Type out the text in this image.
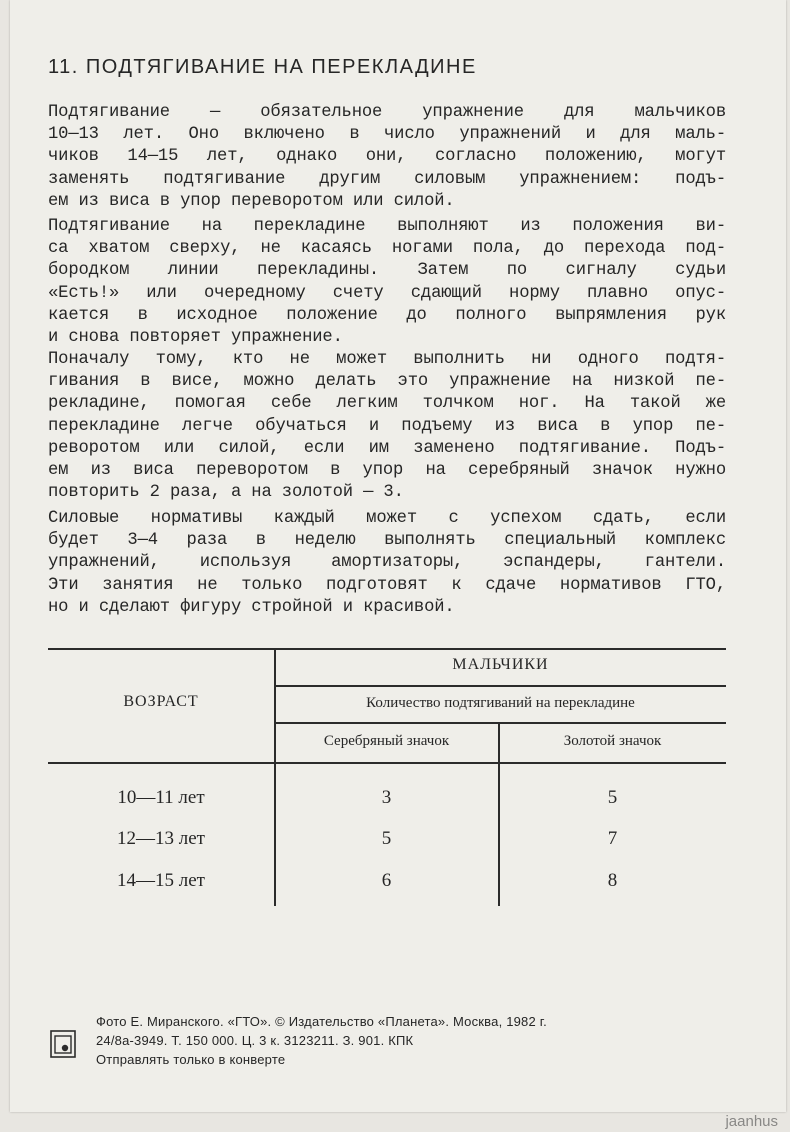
11. ПОДТЯГИВАНИЕ НА ПЕРЕКЛАДИНЕ
Подтягивание — обязательное упражнение для мальчиков
10—13 лет. Оно включено в число упражнений и для маль-
чиков 14—15 лет, однако они, согласно положению, могут
заменять подтягивание другим силовым упражнением: подъ-
ем из виса в упор переворотом или силой.
Подтягивание на перекладине выполняют из положения ви-
са хватом сверху, не касаясь ногами пола, до перехода под-
бородком линии перекладины. Затем по сигналу судьи
«Есть!» или очередному счету сдающий норму плавно опус-
кается в исходное положение до полного выпрямления рук
и снова повторяет упражнение.
Поначалу тому, кто не может выполнить ни одного подтя-
гивания в висе, можно делать это упражнение на низкой пе-
рекладине, помогая себе легким толчком ног. На такой же
перекладине легче обучаться и подъему из виса в упор пе-
реворотом или силой, если им заменено подтягивание. Подъ-
ем из виса переворотом в упор на серебряный значок нужно
повторить 2 раза, а на золотой — 3.
Силовые нормативы каждый может с успехом сдать, если
будет 3—4 раза в неделю выполнять специальный комплекс
упражнений, используя амортизаторы, эспандеры, гантели.
Эти занятия не только подготовят к сдаче нормативов ГТО,
но и сделают фигуру стройной и красивой.
ВОЗРАСТ
МАЛЬЧИКИ
Количество подтягиваний на перекладине
Серебряный значок	Золотой значок
10—11 лет	3	5
12—13 лет	5	7
14—15 лет	6	8
Фото Е. Миранского. «ГТО». © Издательство «Планета». Москва, 1982 г.
24/8а-3949. Т. 150 000. Ц. 3 к. 3123211. З. 901. КПК
Отправлять только в конверте
jaanhus
